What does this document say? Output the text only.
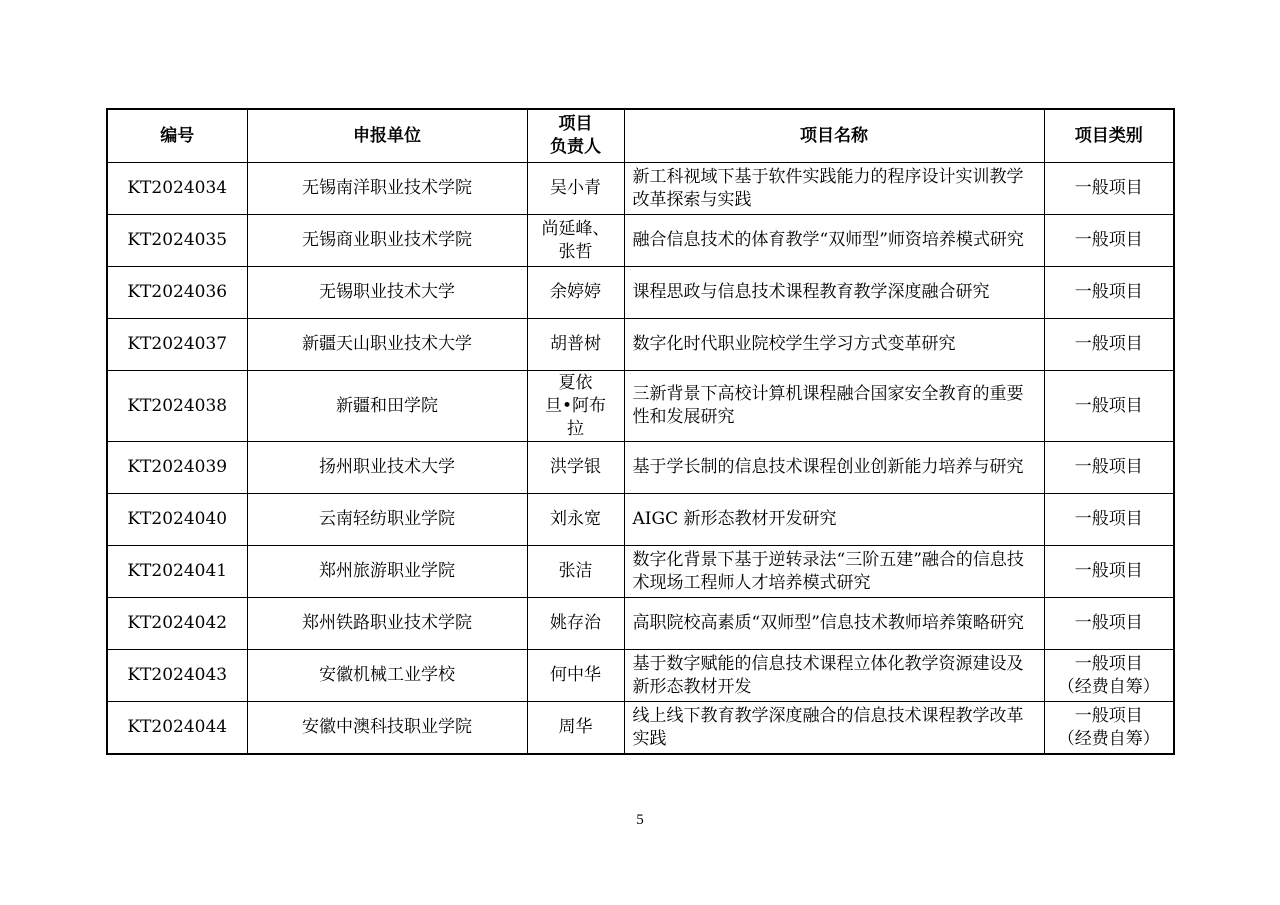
编号	申报单位	项目
负责人	项目名称	项目类别
KT2024034	无锡南洋职业技术学院	吴小青	新工科视域下基于软件实践能力的程序设计实训教学改革探索与实践	一般项目

KT2024035	无锡商业职业技术学院	尚延峰、
张哲	融合信息技术的体育教学“双师型”师资培养模式研究	一般项目

KT2024036	无锡职业技术大学	余婷婷	课程思政与信息技术课程教育教学深度融合研究	一般项目

KT2024037	新疆天山职业技术大学	胡普树	数字化时代职业院校学生学习方式变革研究	一般项目

KT2024038	新疆和田学院	夏依
旦•阿布
拉	三新背景下高校计算机课程融合国家安全教育的重要性和发展研究	一般项目

KT2024039	扬州职业技术大学	洪学银	基于学长制的信息技术课程创业创新能力培养与研究	一般项目

KT2024040	云南轻纺职业学院	刘永宽	AIGC 新形态教材开发研究	一般项目

KT2024041	郑州旅游职业学院	张洁	数字化背景下基于逆转录法“三阶五建”融合的信息技术现场工程师人才培养模式研究	一般项目

KT2024042	郑州铁路职业技术学院	姚存治	高职院校高素质“双师型”信息技术教师培养策略研究	一般项目

KT2024043	安徽机械工业学校	何中华	基于数字赋能的信息技术课程立体化教学资源建设及新形态教材开发	一般项目
（经费自筹）

KT2024044	安徽中澳科技职业学院	周华	线上线下教育教学深度融合的信息技术课程教学改革实践	一般项目
（经费自筹）
5
